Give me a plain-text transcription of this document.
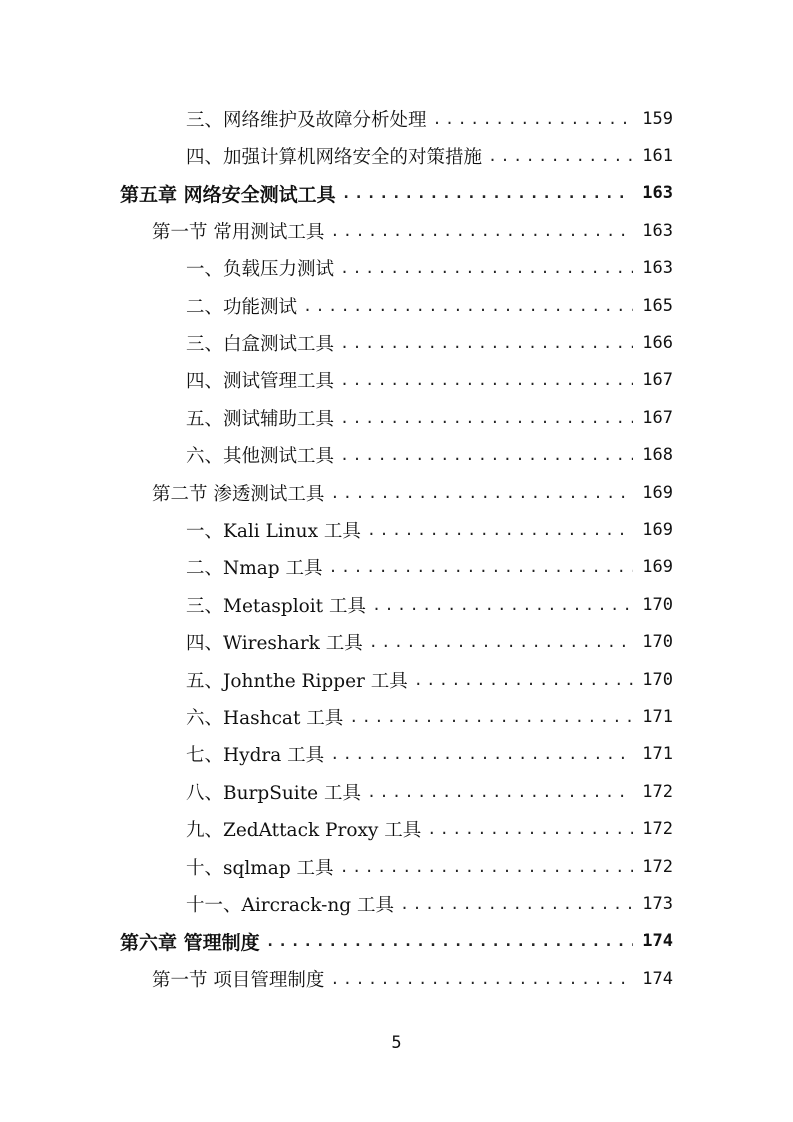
三、网络维护及故障分析处理 .....	159
四、加强计算机网络安全的对策措施 .....	161
第五章 网络安全测试工具 .....	163
第一节 常用测试工具 .....	163
一、负载压力测试 .....	163
二、功能测试 .....	165
三、白盒测试工具 .....	166
四、测试管理工具 .....	167
五、测试辅助工具 .....	167
六、其他测试工具 .....	168
第二节 渗透测试工具 .....	169
一、Kali Linux 工具 .....	169
二、Nmap 工具 .....	169
三、Metasploit 工具 .....	170
四、Wireshark 工具 .....	170
五、Johnthe Ripper 工具 .....	170
六、Hashcat 工具 .....	171
七、Hydra 工具 .....	171
八、BurpSuite 工具 .....	172
九、ZedAttack Proxy 工具 .....	172
十、sqlmap 工具 .....	172
十一、Aircrack-ng 工具 .....	173
第六章 管理制度 .....	174
第一节 项目管理制度 .....	174
5
